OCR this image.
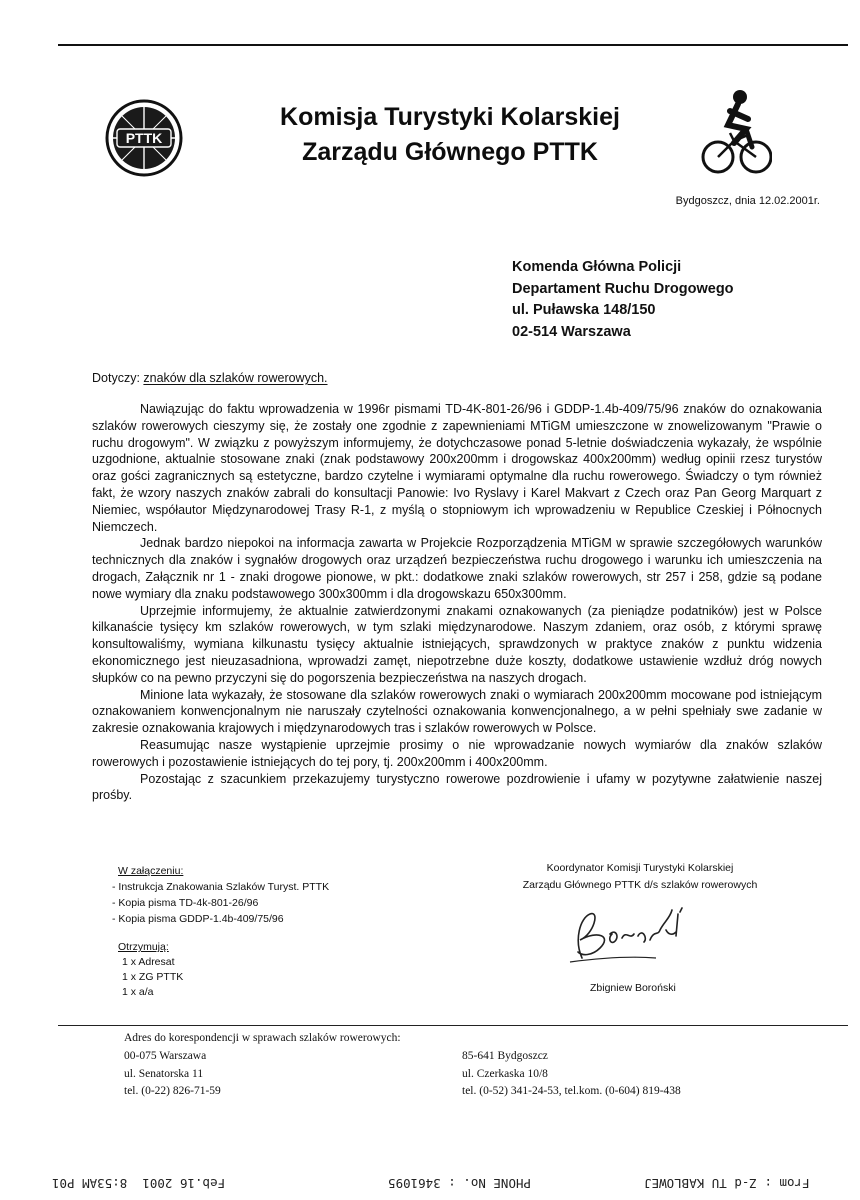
PTTK
Komisja Turystyki Kolarskiej
Zarządu Głównego PTTK
Bydgoszcz, dnia 12.02.2001r.
Komenda Główna Policji
Departament Ruchu Drogowego
ul. Puławska 148/150
02-514 Warszawa
Dotyczy: znaków dla szlaków rowerowych.

Nawiązując do faktu wprowadzenia w 1996r pismami TD-4K-801-26/96 i GDDP-1.4b-409/75/96 znaków do oznakowania szlaków rowerowych cieszymy się, że zostały one zgodnie z zapewnieniami MTiGM umieszczone w znowelizowanym "Prawie o ruchu drogowym". W związku z powyższym informujemy, że dotychczasowe ponad 5-letnie doświadczenia wykazały, że wspólnie uzgodnione, aktualnie stosowane znaki (znak podstawowy 200x200mm i drogowskaz 400x200mm) według opinii rzesz turystów oraz gości zagranicznych są estetyczne, bardzo czytelne i wymiarami optymalne dla ruchu rowerowego. Świadczy o tym również fakt, że wzory naszych znaków zabrali do konsultacji Panowie: Ivo Ryslavy i Karel Makvart z Czech oraz Pan Georg Marquart z Niemiec, współautor Międzynarodowej Trasy R-1, z myślą o stopniowym ich wprowadzeniu w Republice Czeskiej i Północnych Niemczech.

Jednak bardzo niepokoi na informacja zawarta w Projekcie Rozporządzenia MTiGM w sprawie szczegółowych warunków technicznych dla znaków i sygnałów drogowych oraz urządzeń bezpieczeństwa ruchu drogowego i warunku ich umieszczenia na drogach, Załącznik nr 1 - znaki drogowe pionowe, w pkt.: dodatkowe znaki szlaków rowerowych, str 257 i 258, gdzie są podane nowe wymiary dla znaku podstawowego 300x300mm i dla drogowskazu 650x300mm.

Uprzejmie informujemy, że aktualnie zatwierdzonymi znakami oznakowanych (za pieniądze podatników) jest w Polsce kilkanaście tysięcy km szlaków rowerowych, w tym szlaki międzynarodowe. Naszym zdaniem, oraz osób, z którymi sprawę konsultowaliśmy, wymiana kilkunastu tysięcy aktualnie istniejących, sprawdzonych w praktyce znaków z punktu widzenia ekonomicznego jest nieuzasadniona, wprowadzi zamęt, niepotrzebne duże koszty, dodatkowe ustawienie wzdłuż dróg nowych słupków co na pewno przyczyni się do pogorszenia bezpieczeństwa na naszych drogach.

Minione lata wykazały, że stosowane dla szlaków rowerowych znaki o wymiarach 200x200mm mocowane pod istniejącym oznakowaniem konwencjonalnym nie naruszały czytelności oznakowania konwencjonalnego, a w pełni spełniały swe zadanie w zakresie oznakowania krajowych i międzynarodowych tras i szlaków rowerowych w Polsce.

Reasumując nasze wystąpienie uprzejmie prosimy o nie wprowadzanie nowych wymiarów dla znaków szlaków rowerowych i pozostawienie istniejących do tej pory, tj. 200x200mm i 400x200mm.

Pozostając z szacunkiem przekazujemy turystyczno rowerowe pozdrowienie i ufamy w pozytywne załatwienie naszej prośby.

W załączeniu:
- Instrukcja Znakowania Szlaków Turyst. PTTK
- Kopia pisma TD-4k-801-26/96
- Kopia pisma GDDP-1.4b-409/75/96
Otrzymują:
1 x Adresat
1 x ZG PTTK
1 x a/a
Koordynator Komisji Turystyki Kolarskiej
Zarządu Głównego PTTK d/s szlaków rowerowych
Zbigniew Boroński
Adres do korespondencji w sprawach szlaków rowerowych:
00-075 Warszawa
ul. Senatorska 11
tel. (0-22) 826-71-59
85-641 Bydgoszcz
ul. Czerkaska 10/8
tel. (0-52) 341-24-53, tel.kom. (0-604) 819-438
Feb.16 2001  8:53AM P01	PHONE No. : 3461095	From : Z-d TU KABLOWEJ
